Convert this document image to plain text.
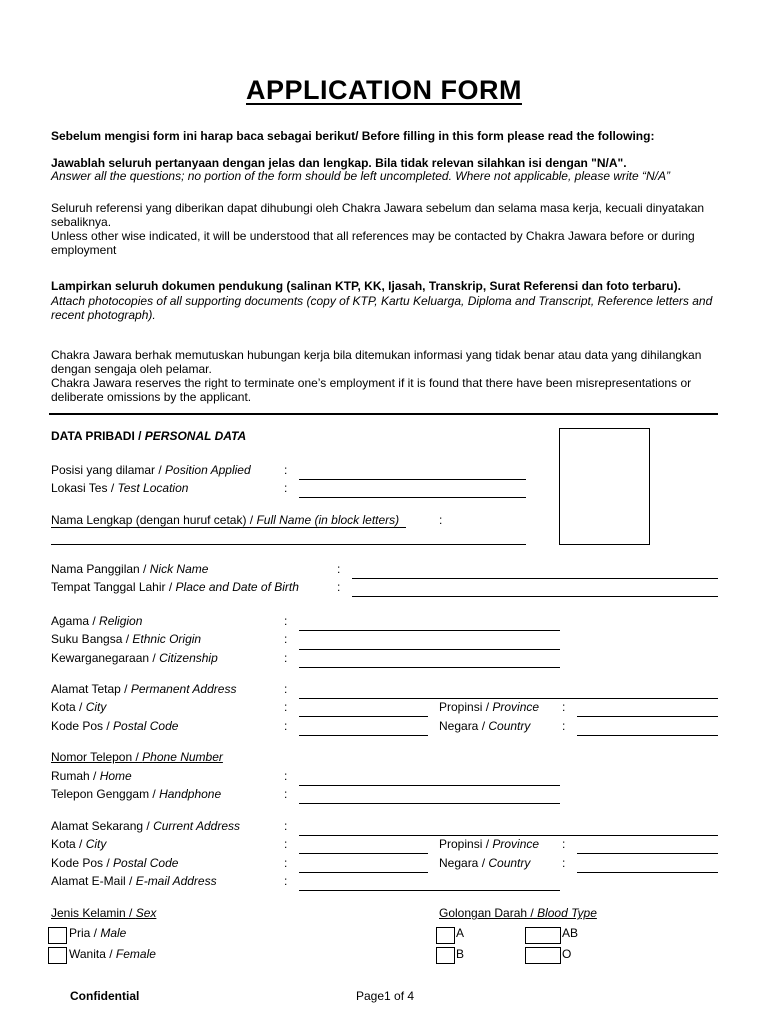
APPLICATION FORM
Sebelum mengisi form ini harap baca sebagai berikut/ Before filling in this form please read the following:
Jawablah seluruh pertanyaan dengan jelas dan lengkap. Bila tidak relevan silahkan isi dengan "N/A".
Answer all the questions; no portion of the form should be left uncompleted. Where not applicable, please write “N/A”
Seluruh referensi yang diberikan dapat dihubungi oleh Chakra Jawara sebelum dan selama masa kerja, kecuali dinyatakan
sebaliknya.
Unless other wise indicated, it will be understood that all references may be contacted by Chakra Jawara before or during
employment
Lampirkan seluruh dokumen pendukung (salinan KTP, KK, Ijasah, Transkrip, Surat Referensi dan foto terbaru).
Attach photocopies of all supporting documents (copy of KTP, Kartu Keluarga, Diploma and Transcript, Reference letters and
recent photograph).
Chakra Jawara berhak memutuskan hubungan kerja bila ditemukan informasi yang tidak benar atau data yang dihilangkan
dengan sengaja oleh pelamar.
Chakra Jawara reserves the right to terminate one’s employment if it is found that there have been misrepresentations or
deliberate omissions by the applicant.
DATA PRIBADI / PERSONAL DATA
Posisi yang dilamar / Position Applied	:
Lokasi Tes / Test Location	:
Nama Lengkap (dengan huruf cetak) / Full Name (in block letters)	:
Nama Panggilan / Nick Name	:
Tempat Tanggal Lahir / Place and Date of Birth	:
Agama / Religion	:
Suku Bangsa / Ethnic Origin	:
Kewarganegaraan / Citizenship	:
Alamat Tetap / Permanent Address	:
Kota / City	:	Propinsi / Province :
Kode Pos / Postal Code	:	Negara / Country	:
Nomor Telepon / Phone Number
Rumah / Home	:
Telepon Genggam / Handphone	:
Alamat Sekarang / Current Address	:
Kota / City	:	Propinsi / Province :
Kode Pos / Postal Code	:	Negara / Country	:
Alamat E-Mail / E-mail Address	:
Jenis Kelamin / Sex
Pria / Male
Wanita / Female
Golongan Darah / Blood Type
A	AB
B	O
Confidential	Page1 of 4
